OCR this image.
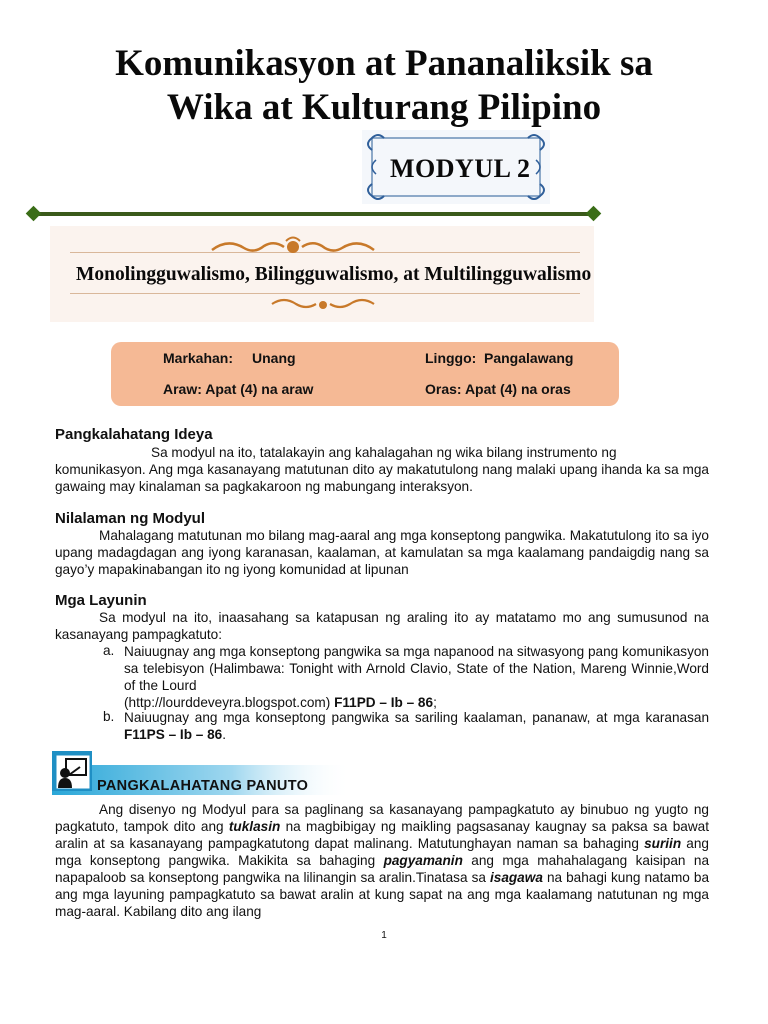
Komunikasyon at Pananaliksik sa
Wika at Kulturang Pilipino
MODYUL 2
Monolingguwalismo, Bilingguwalismo, at Multilingguwalismo
Markahan: Unang	Linggo: Pangalawang
Araw: Apat (4) na araw	Oras: Apat (4) na oras
Pangkalahatang Ideya
Sa modyul na ito, tatalakayin ang kahalagahan ng wika bilang instrumento ng
komunikasyon. Ang mga kasanayang matutunan dito ay makatutulong nang malaki upang ihanda ka sa mga gawaing may kinalaman sa pagkakaroon ng mabungang interaksyon.
Nilalaman ng Modyul
Mahalagang matutunan mo bilang mag-aaral ang mga konseptong pangwika. Makatutulong ito sa iyo upang madagdagan ang iyong karanasan, kaalaman, at kamulatan sa mga kaalamang pandaigdig nang sa gayo’y mapakinabangan ito ng iyong komunidad at lipunan
Mga Layunin
Sa modyul na ito, inaasahang sa katapusan ng araling ito ay matatamo mo ang sumusunod na kasanayang pampagkatuto:
a. Naiuugnay ang mga konseptong pangwika sa mga napanood na sitwasyong pang komunikasyon sa telebisyon (Halimbawa: Tonight with Arnold Clavio, State of the Nation, Mareng Winnie,Word of the Lourd
(http://lourddeveyra.blogspot.com) F11PD – Ib – 86;
b. Naiuugnay ang mga konseptong pangwika sa sariling kaalaman, pananaw, at mga karanasan F11PS – Ib – 86.
PANGKALAHATANG PANUTO
Ang disenyo ng Modyul para sa paglinang sa kasanayang pampagkatuto ay binubuo ng yugto ng pagkatuto, tampok dito ang tuklasin na magbibigay ng maikling pagsasanay kaugnay sa paksa sa bawat aralin at sa kasanayang pampagkatutong dapat malinang. Matutunghayan naman sa bahaging suriin ang mga konseptong pangwika. Makikita sa bahaging pagyamanin ang mga mahahalagang kaisipan na napapaloob sa konseptong pangwika na lilinangin sa aralin.Tinatasa sa isagawa na bahagi kung natamo ba ang mga layuning pampagkatuto sa bawat aralin at kung sapat na ang mga kaalamang natutunan ng mga mag-aaral. Kabilang dito ang ilang
1
